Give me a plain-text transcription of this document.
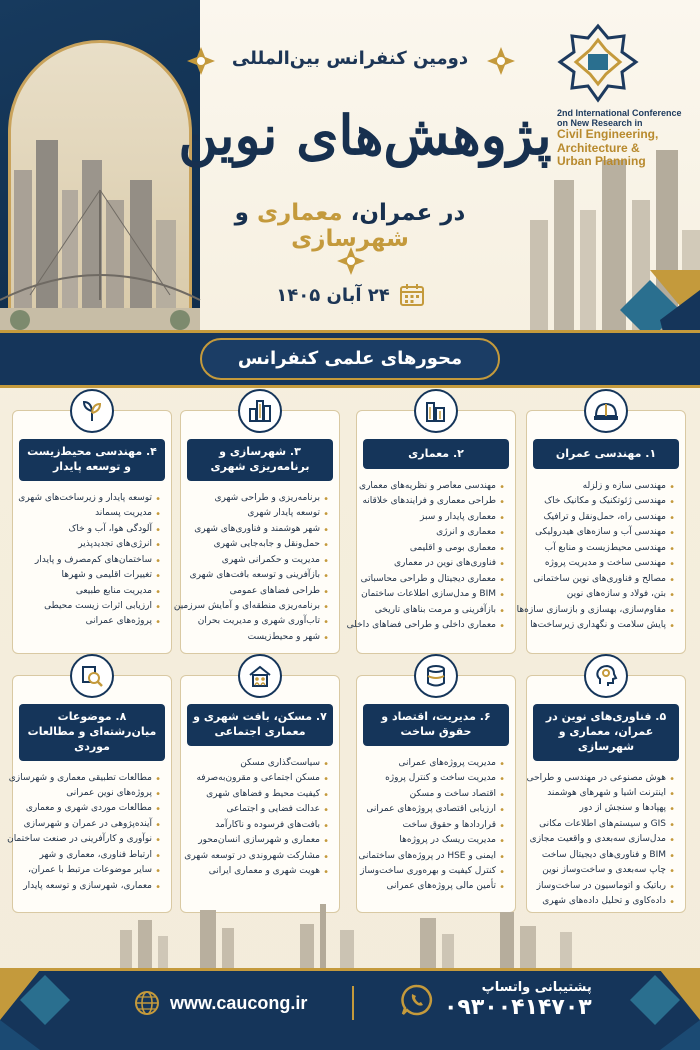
2nd International Conference
on New Research in
Civil Engineering,
Architecture &
Urban Planning
دومین کنفرانس بین‌المللی
پژوهش‌های نوین
در عمران، معماری و شهرسازی
۲۴ آبان ۱۴۰۵
محورهای علمی کنفرانس
۱. مهندسی عمران
• مهندسی سازه و زلزله
• مهندسی ژئوتکنیک و مکانیک خاک
• مهندسی راه، حمل‌ونقل و ترافیک
• مهندسی آب و سازه‌های هیدرولیکی
• مهندسی محیط‌زیست و منابع آب
• مهندسی ساخت و مدیریت پروژه
• مصالح و فناوری‌های نوین ساختمانی
• بتن، فولاد و سازه‌های نوین
• مقاوم‌سازی، بهسازی و بازسازی سازه‌ها
• پایش سلامت و نگهداری زیرساخت‌ها
۲. معماری
• مهندسی معاصر و نظریه‌های معماری
• طراحی معماری و فرایندهای خلاقانه
• معماری پایدار و سبز
• معماری و انرژی
• معماری بومی و اقلیمی
• فناوری‌های نوین در معماری
• معماری دیجیتال و طراحی محاسباتی
• BIM و مدل‌سازی اطلاعات ساختمان
• بازآفرینی و مرمت بناهای تاریخی
• معماری داخلی و طراحی فضاهای داخلی
۳. شهرسازی و برنامه‌ریزی شهری
• برنامه‌ریزی و طراحی شهری
• توسعه پایدار شهری
• شهر هوشمند و فناوری‌های شهری
• حمل‌ونقل و جابه‌جایی شهری
• مدیریت و حکمرانی شهری
• بازآفرینی و توسعه بافت‌های شهری
• طراحی فضاهای عمومی
• برنامه‌ریزی منطقه‌ای و آمایش سرزمین
• تاب‌آوری شهری و مدیریت بحران
• شهر و محیط‌زیست
۴. مهندسی محیط‌زیست و توسعه پایدار
• توسعه پایدار و زیرساخت‌های شهری
• مدیریت پسماند
• آلودگی هوا، آب و خاک
• انرژی‌های تجدیدپذیر
• ساختمان‌های کم‌مصرف و پایدار
• تغییرات اقلیمی و شهرها
• مدیریت منابع طبیعی
• ارزیابی اثرات زیست محیطی
• پروژه‌های عمرانی
۵. فناوری‌های نوین در عمران، معماری و شهرسازی
• هوش مصنوعی در مهندسی و طراحی
• اینترنت اشیا و شهرهای هوشمند
• پهپادها و سنجش از دور
• GIS و سیستم‌های اطلاعات مکانی
• مدل‌سازی سه‌بعدی و واقعیت مجازی
• BIM و فناوری‌های دیجیتال ساخت
• چاپ سه‌بعدی و ساخت‌وساز نوین
• رباتیک و اتوماسیون در ساخت‌وساز
• داده‌کاوی و تحلیل داده‌های شهری
۶. مدیریت، اقتصاد و حقوق ساخت
• مدیریت پروژه‌های عمرانی
• مدیریت ساخت و کنترل پروژه
• اقتصاد ساخت و مسکن
• ارزیابی اقتصادی پروژه‌های عمرانی
• قراردادها و حقوق ساخت
• مدیریت ریسک در پروژه‌ها
• ایمنی و HSE در پروژه‌های ساختمانی
• کنترل کیفیت و بهره‌وری ساخت‌وساز
• تأمین مالی پروژه‌های عمرانی
۷. مسکن، بافت شهری و معماری اجتماعی
• سیاست‌گذاری مسکن
• مسکن اجتماعی و مقرون‌به‌صرفه
• کیفیت محیط و فضاهای شهری
• عدالت فضایی و اجتماعی
• بافت‌های فرسوده و ناکارآمد
• معماری و شهرسازی انسان‌محور
• مشارکت شهروندی در توسعه شهری
• هویت شهری و معماری ایرانی
۸. موضوعات میان‌رشته‌ای و مطالعات موردی
• مطالعات تطبیقی معماری و شهرسازی
• پروژه‌های نوین عمرانی
• مطالعات موردی شهری و معماری
• آینده‌پژوهی در عمران و شهرسازی
• نوآوری و کارآفرینی در صنعت ساختمان
• ارتباط فناوری، معماری و شهر
• سایر موضوعات مرتبط با عمران،
• معماری، شهرسازی و توسعه پایدار
www.caucong.ir
پشتیبانی واتساپ
۰۹۳۰۰۴۱۴۷۰۳
